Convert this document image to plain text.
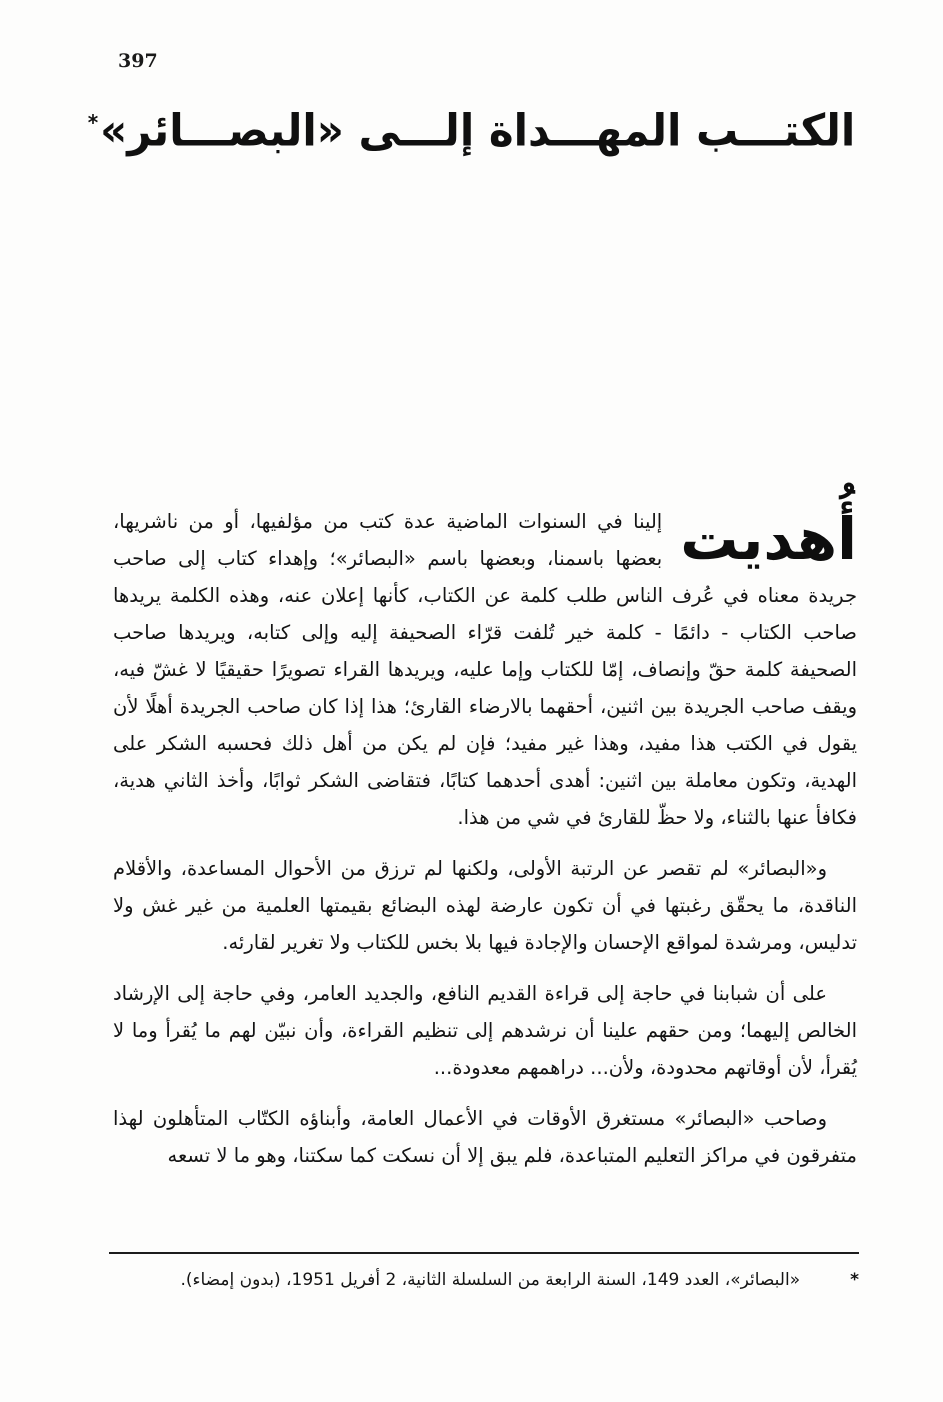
397
الكتـــب المهـــداة إلـــى «البصـــائر»*

أُهديت
إلينا في السنوات الماضية عدة كتب من مؤلفيها، أو من ناشريها، بعضها باسمنا، وبعضها باسم «البصائر»؛ وإهداء كتاب إلى صاحب جريدة معناه في عُرف الناس طلب كلمة عن الكتاب، كأنها إعلان عنه، وهذه الكلمة يريدها صاحب الكتاب - دائمًا - كلمة خير تُلفت قرّاء الصحيفة إليه وإلى كتابه، ويريدها صاحب الصحيفة كلمة حقّ وإنصاف، إمّا للكتاب وإما عليه، ويريدها القراء تصويرًا حقيقيًا لا غشّ فيه، ويقف صاحب الجريدة بين اثنين، أحقهما بالارضاء القارئ؛ هذا إذا كان صاحب الجريدة أهلًا لأن يقول في الكتب هذا مفيد، وهذا غير مفيد؛ فإن لم يكن من أهل ذلك فحسبه الشكر على الهدية، وتكون معاملة بين اثنين: أهدى أحدهما كتابًا، فتقاضى الشكر ثوابًا، وأخذ الثاني هدية، فكافأ عنها بالثناء، ولا حظّ للقارئ في شي من هذا.

و«البصائر» لم تقصر عن الرتبة الأولى، ولكنها لم ترزق من الأحوال المساعدة، والأقلام الناقدة، ما يحقّق رغبتها في أن تكون عارضة لهذه البضائع بقيمتها العلمية من غير غش ولا تدليس، ومرشدة لمواقع الإحسان والإجادة فيها بلا بخس للكتاب ولا تغرير لقارئه.

على أن شبابنا في حاجة إلى قراءة القديم النافع، والجديد العامر، وفي حاجة إلى الإرشاد الخالص إليهما؛ ومن حقهم علينا أن نرشدهم إلى تنظيم القراءة، وأن نبيّن لهم ما يُقرأ وما لا يُقرأ، لأن أوقاتهم محدودة، ولأن... دراهمهم معدودة...

وصاحب «البصائر» مستغرق الأوقات في الأعمال العامة، وأبناؤه الكتّاب المتأهلون لهذا متفرقون في مراكز التعليم المتباعدة، فلم يبق إلا أن نسكت كما سكتنا، وهو ما لا تسعه

*
«البصائر»، العدد 149، السنة الرابعة من السلسلة الثانية، 2 أفريل 1951، (بدون إمضاء).
